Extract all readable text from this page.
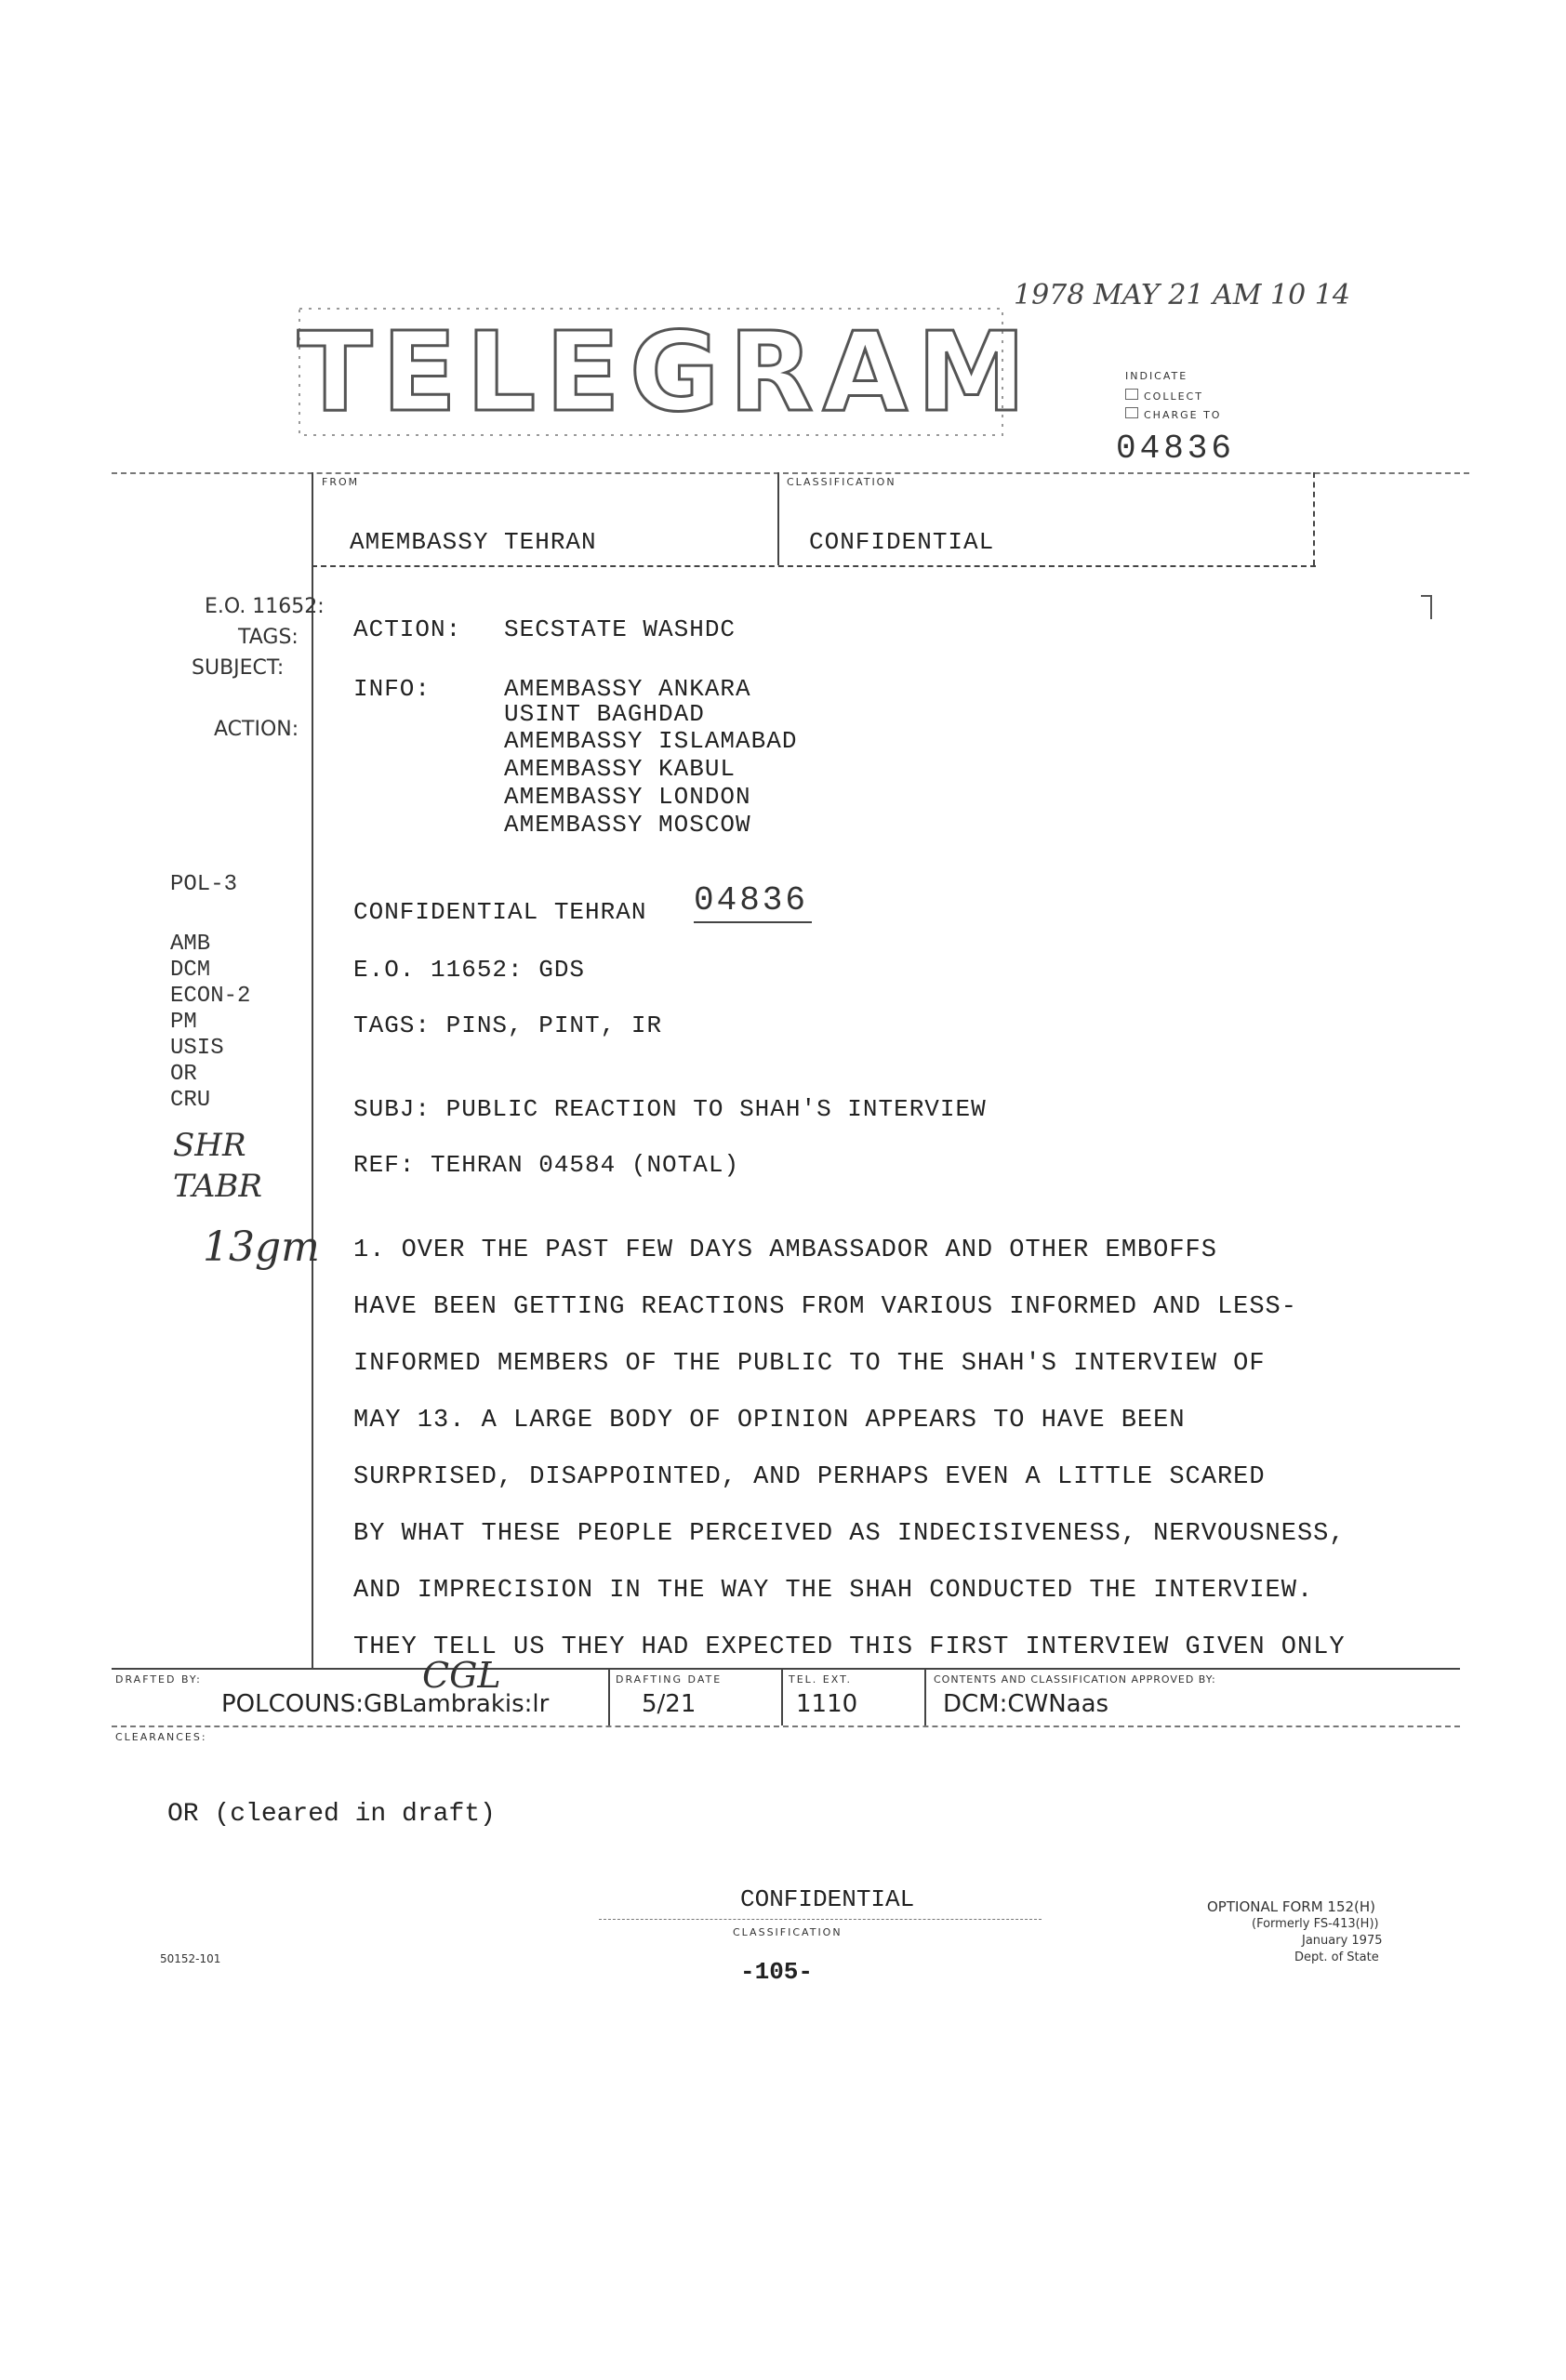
TELEGRAM
1978 MAY 21 AM 10 14
INDICATE
COLLECT
CHARGE TO
04836
FROM
AMEMBASSY TEHRAN
CLASSIFICATION
CONFIDENTIAL
E.O. 11652:
TAGS:
SUBJECT:
ACTION:
POL-3
AMB
DCM
ECON-2
PM
USIS
OR
CRU
SHR
TABR
13gm
ACTION: SECSTATE WASHDC
INFO:	AMEMBASSY ANKARA
USINT BAGHDAD
AMEMBASSY ISLAMABAD
AMEMBASSY KABUL
AMEMBASSY LONDON
AMEMBASSY MOSCOW
CONFIDENTIAL TEHRAN 04836
E.O. 11652: GDS
TAGS: PINS, PINT, IR
SUBJ: PUBLIC REACTION TO SHAH'S INTERVIEW
REF: TEHRAN 04584 (NOTAL)
1. OVER THE PAST FEW DAYS AMBASSADOR AND OTHER EMBOFFS
HAVE BEEN GETTING REACTIONS FROM VARIOUS INFORMED AND LESS-
INFORMED MEMBERS OF THE PUBLIC TO THE SHAH'S INTERVIEW OF
MAY 13. A LARGE BODY OF OPINION APPEARS TO HAVE BEEN
SURPRISED, DISAPPOINTED, AND PERHAPS EVEN A LITTLE SCARED
BY WHAT THESE PEOPLE PERCEIVED AS INDECISIVENESS, NERVOUSNESS,
AND IMPRECISION IN THE WAY THE SHAH CONDUCTED THE INTERVIEW.
THEY TELL US THEY HAD EXPECTED THIS FIRST INTERVIEW GIVEN ONLY
DRAFTED BY:
POLCOUNS:GBLambrakis:lr
CGL	DRAFTING DATE
5/21
TEL. EXT.
1110
CONTENTS AND CLASSIFICATION APPROVED BY:
DCM:CWNaas
CLEARANCES:
OR (cleared in draft)
CONFIDENTIAL
CLASSIFICATION
-105-
50152-101
OPTIONAL FORM 152(H)
(Formerly FS-413(H))
January 1975
Dept. of State
